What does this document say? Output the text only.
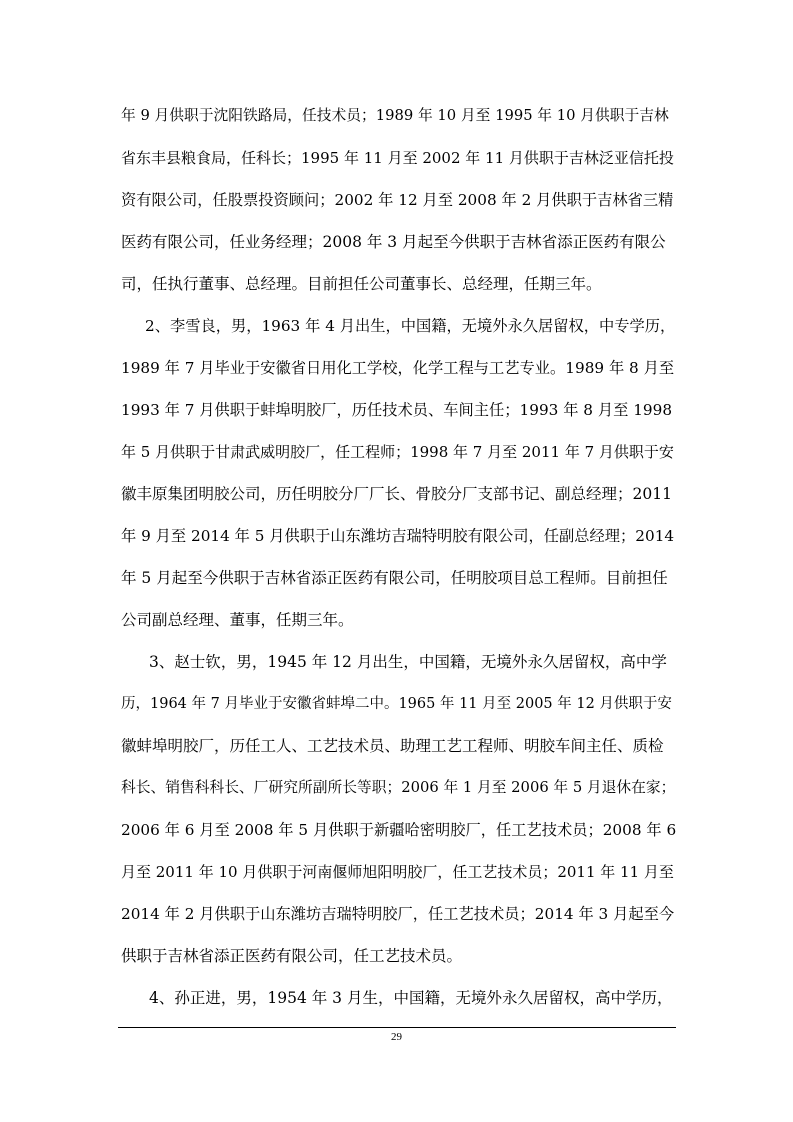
年 9 月供职于沈阳铁路局，任技术员；1989 年 10 月至 1995 年 10 月供职于吉林
省东丰县粮食局，任科长；1995 年 11 月至 2002 年 11 月供职于吉林泛亚信托投
资有限公司，任股票投资顾问；2002 年 12 月至 2008 年 2 月供职于吉林省三精
医药有限公司，任业务经理；2008 年 3 月起至今供职于吉林省添正医药有限公
司，任执行董事、总经理。目前担任公司董事长、总经理，任期三年。
2、李雪良，男，1963 年 4 月出生，中国籍，无境外永久居留权，中专学历，
1989 年 7 月毕业于安徽省日用化工学校，化学工程与工艺专业。1989 年 8 月至
1993 年 7 月供职于蚌埠明胶厂，历任技术员、车间主任；1993 年 8 月至 1998
年 5 月供职于甘肃武威明胶厂，任工程师；1998 年 7 月至 2011 年 7 月供职于安
徽丰原集团明胶公司，历任明胶分厂厂长、骨胶分厂支部书记、副总经理；2011
年 9 月至 2014 年 5 月供职于山东潍坊吉瑞特明胶有限公司，任副总经理；2014
年 5 月起至今供职于吉林省添正医药有限公司，任明胶项目总工程师。目前担任
公司副总经理、董事，任期三年。
3、赵士钦，男，1945 年 12 月出生，中国籍，无境外永久居留权，高中学
历，1964 年 7 月毕业于安徽省蚌埠二中。1965 年 11 月至 2005 年 12 月供职于安
徽蚌埠明胶厂，历任工人、工艺技术员、助理工艺工程师、明胶车间主任、质检
科长、销售科科长、厂研究所副所长等职；2006 年 1 月至 2006 年 5 月退休在家；
2006 年 6 月至 2008 年 5 月供职于新疆哈密明胶厂，任工艺技术员；2008 年 6
月至 2011 年 10 月供职于河南偃师旭阳明胶厂，任工艺技术员；2011 年 11 月至
2014 年 2 月供职于山东潍坊吉瑞特明胶厂，任工艺技术员；2014 年 3 月起至今
供职于吉林省添正医药有限公司，任工艺技术员。
4、孙正进，男，1954 年 3 月生，中国籍，无境外永久居留权，高中学历，
29
